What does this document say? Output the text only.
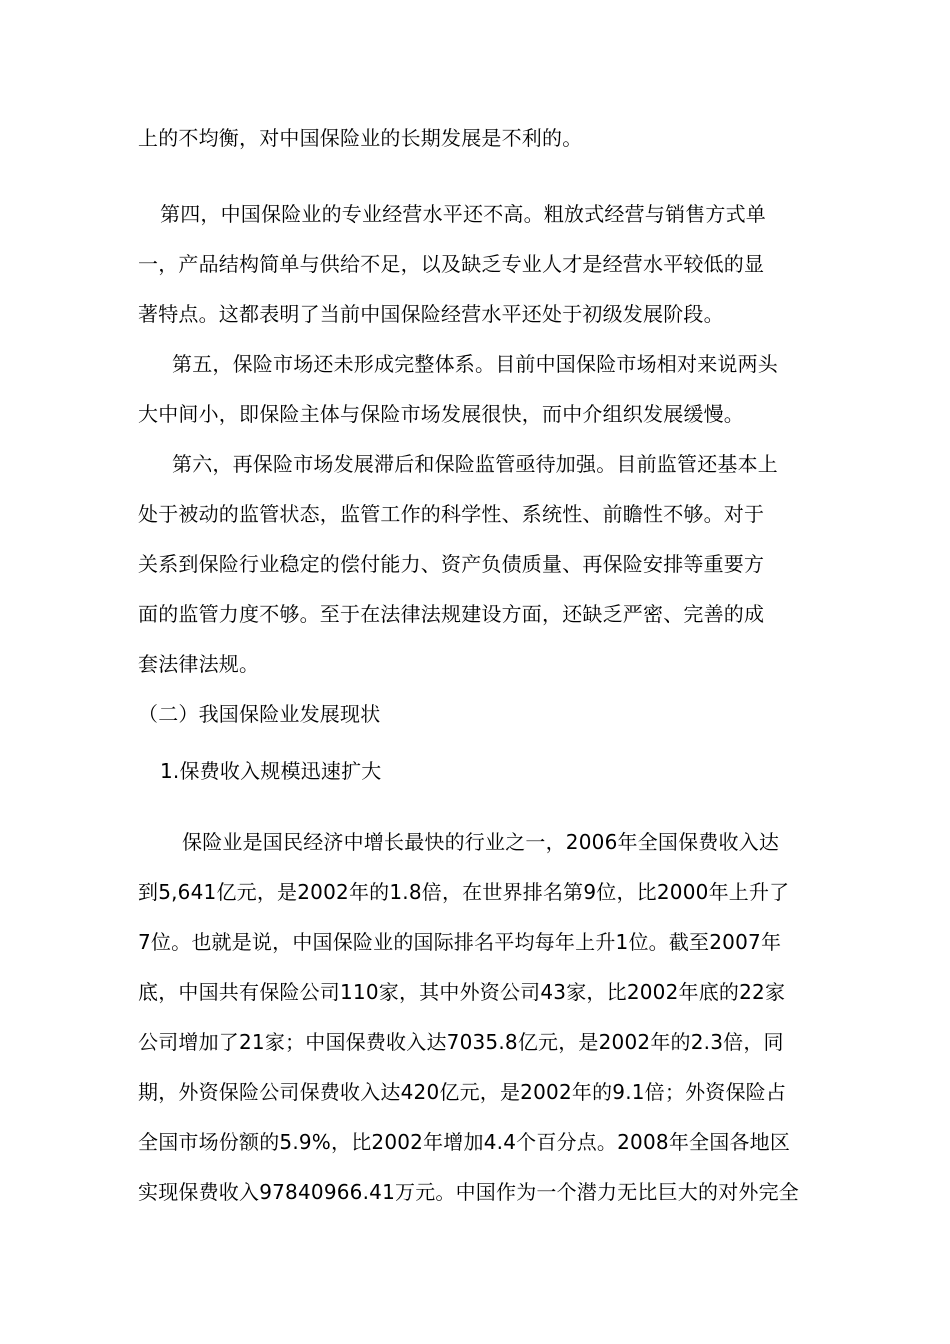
上的不均衡，对中国保险业的长期发展是不利的。
第四，中国保险业的专业经营水平还不高。粗放式经营与销售方式单
一，产品结构简单与供给不足，以及缺乏专业人才是经营水平较低的显
著特点。这都表明了当前中国保险经营水平还处于初级发展阶段。
第五，保险市场还未形成完整体系。目前中国保险市场相对来说两头
大中间小，即保险主体与保险市场发展很快，而中介组织发展缓慢。
第六，再保险市场发展滞后和保险监管亟待加强。目前监管还基本上
处于被动的监管状态，监管工作的科学性、系统性、前瞻性不够。对于
关系到保险行业稳定的偿付能力、资产负债质量、再保险安排等重要方
面的监管力度不够。至于在法律法规建设方面，还缺乏严密、完善的成
套法律法规。
（二）我国保险业发展现状
1.保费收入规模迅速扩大
保险业是国民经济中增长最快的行业之一，2006年全国保费收入达
到5,641亿元，是2002年的1.8倍，在世界排名第9位，比2000年上升了
7位。也就是说，中国保险业的国际排名平均每年上升1位。截至2007年
底，中国共有保险公司110家，其中外资公司43家，比2002年底的22家
公司增加了21家；中国保费收入达7035.8亿元，是2002年的2.3倍，同
期，外资保险公司保费收入达420亿元，是2002年的9.1倍；外资保险占
全国市场份额的5.9%，比2002年增加4.4个百分点。2008年全国各地区
实现保费收入97840966.41万元。中国作为一个潜力无比巨大的对外完全
